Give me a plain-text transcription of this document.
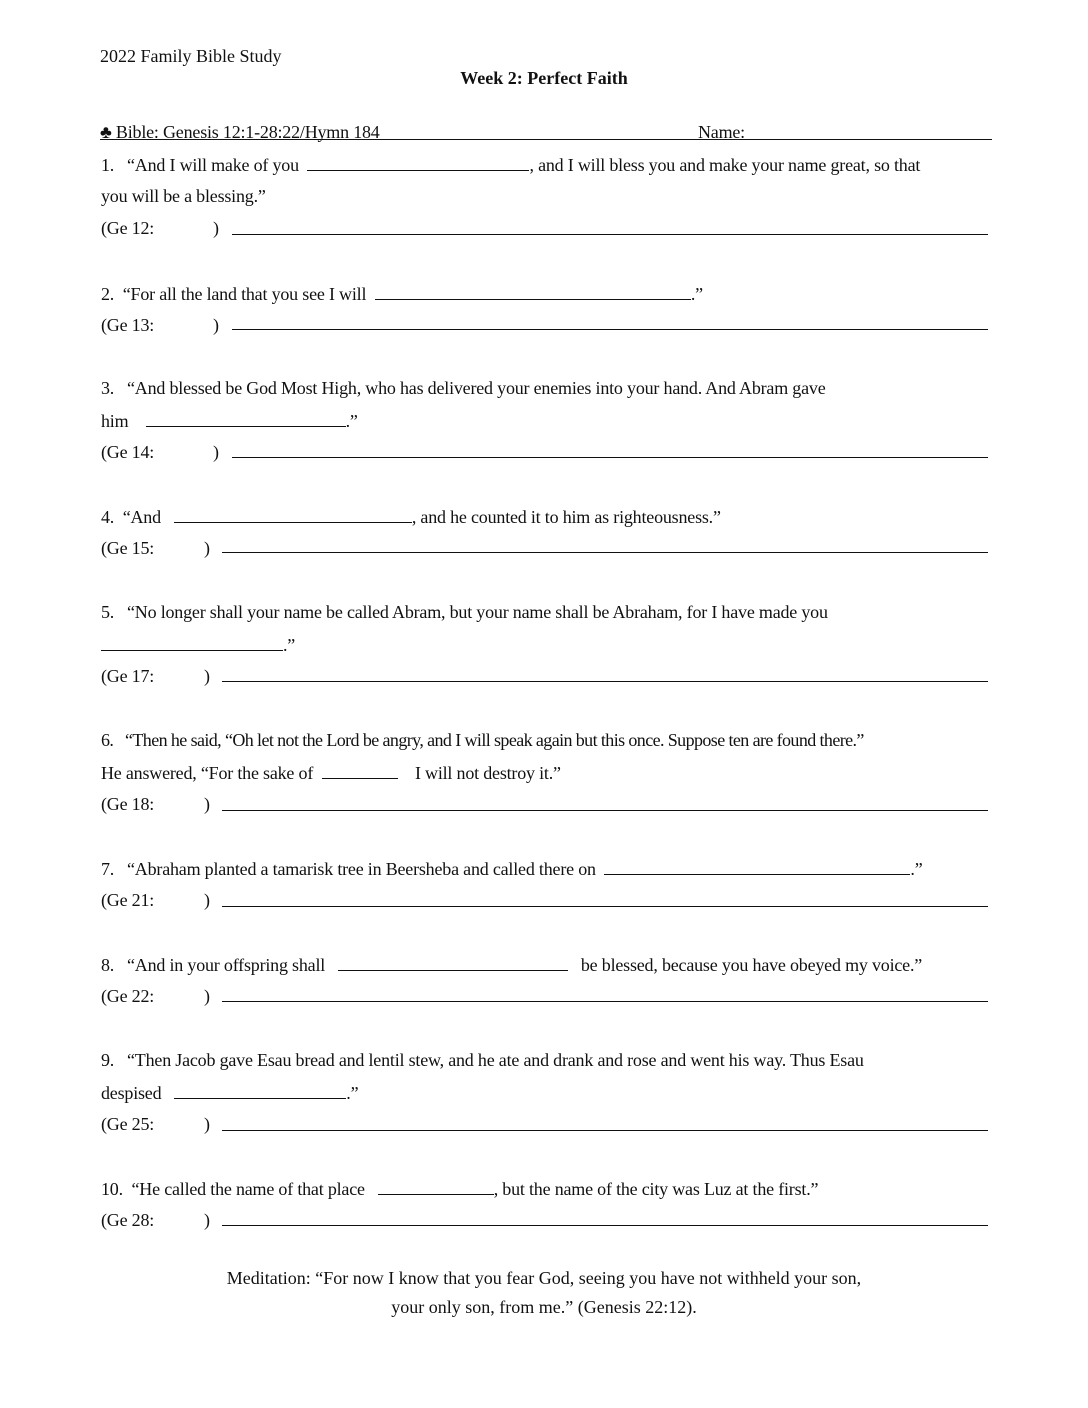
2022 Family Bible Study
Week 2: Perfect Faith
♣ Bible: Genesis 12:1-28:22/Hymn 184	Name:
1. “And I will make of you	, and I will bless you and make your name great, so that
you will be a blessing.”
(Ge 12:	)
2. “For all the land that you see I will	.”
(Ge 13:	)
3. “And blessed be God Most High, who has delivered your enemies into your hand. And Abram gave
him	.”
(Ge 14:	)
4. “And	, and he counted it to him as righteousness.”
(Ge 15:	)
5. “No longer shall your name be called Abram, but your name shall be Abraham, for I have made you
.”
(Ge 17:	)
6. “Then he said, “Oh let not the Lord be angry, and I will speak again but this once. Suppose ten are found there.”
He answered, “For the sake of	I will not destroy it.”
(Ge 18:	)
7. “Abraham planted a tamarisk tree in Beersheba and called there on	.”
(Ge 21:	)
8. “And in your offspring shall	be blessed, because you have obeyed my voice.”
(Ge 22:	)
9. “Then Jacob gave Esau bread and lentil stew, and he ate and drank and rose and went his way. Thus Esau
despised	.”
(Ge 25:	)
10. “He called the name of that place	, but the name of the city was Luz at the first.”
(Ge 28:	)
Meditation: “For now I know that you fear God, seeing you have not withheld your son,
your only son, from me.” (Genesis 22:12).
